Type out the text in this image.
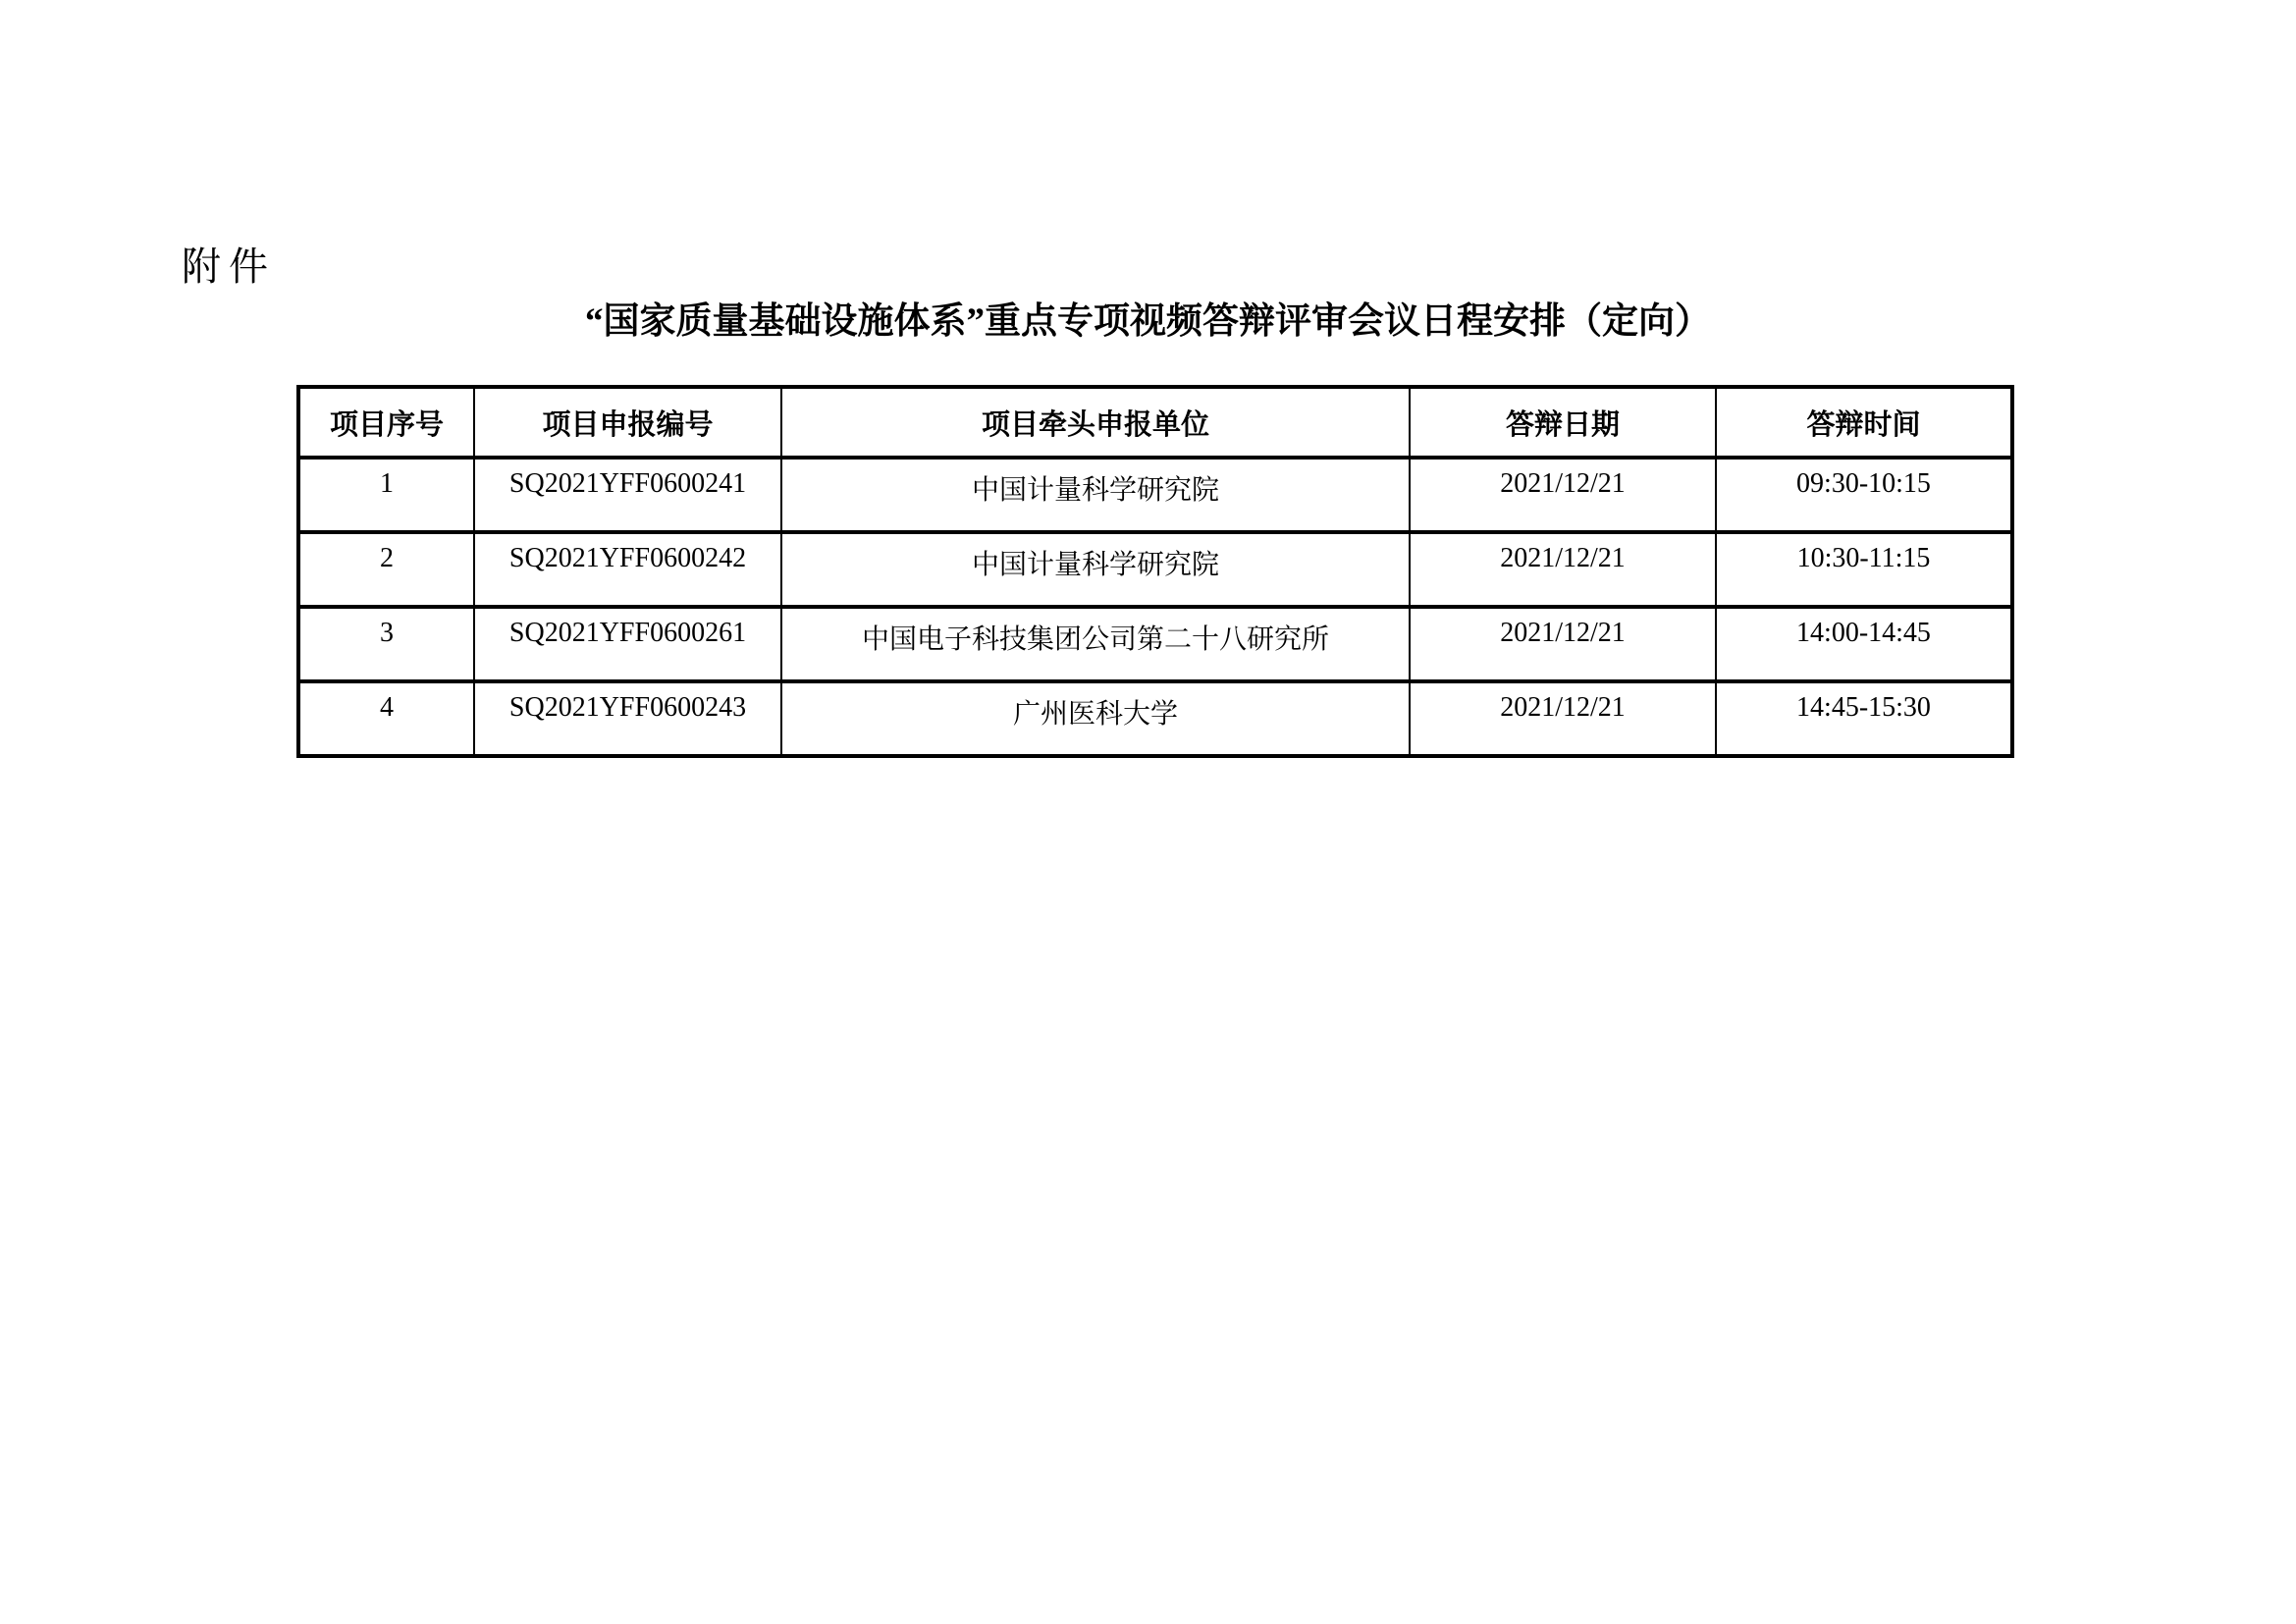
附件
“国家质量基础设施体系”重点专项视频答辩评审会议日程安排（定向）
项目序号	项目申报编号	项目牵头申报单位	答辩日期	答辩时间
1	SQ2021YFF0600241	中国计量科学研究院	2021/12/21	09:30-10:15
2	SQ2021YFF0600242	中国计量科学研究院	2021/12/21	10:30-11:15
3	SQ2021YFF0600261	中国电子科技集团公司第二十八研究所	2021/12/21	14:00-14:45
4	SQ2021YFF0600243	广州医科大学	2021/12/21	14:45-15:30
